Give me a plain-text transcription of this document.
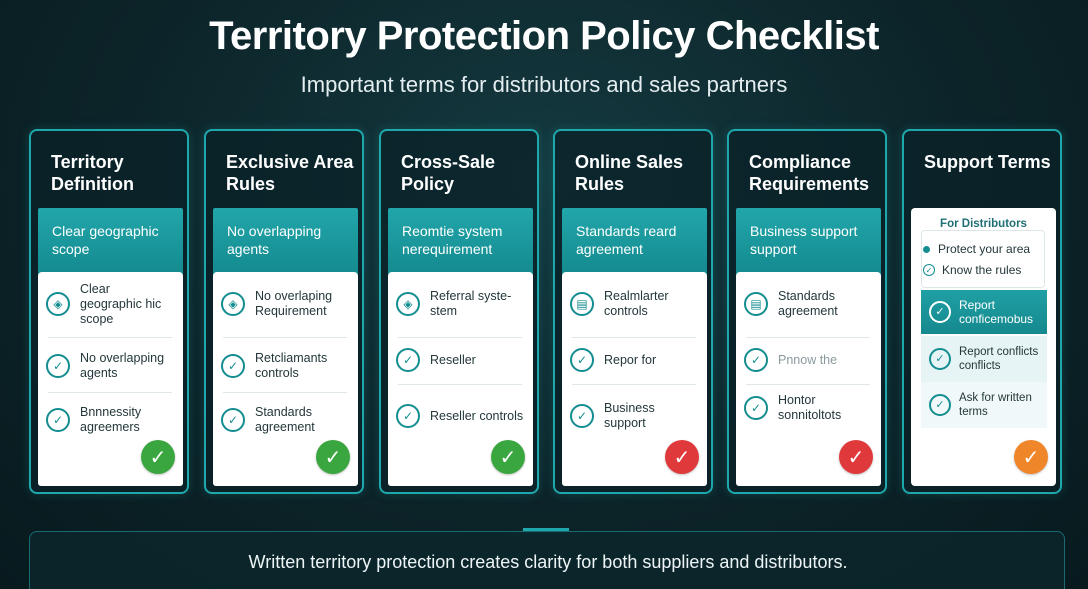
Territory Protection Policy Checklist
Important terms for distributors and sales partners
Territory Definition
Clear geographic scope
◈
Clear geographic hic scope
✓
No overlapping agents
✓
Bnnnessity agreemers
✓
Exclusive Area Rules
No overlapping agents
◈
No overlaping Requirement
✓
Retcliamants controls
✓
Standards agreement
✓
Cross-Sale Policy
Reomtie system nerequirement
◈
Referral syste-stem
✓	Reseller
✓	Reseller controls
✓
Online Sales Rules
Standards reard agreement
▤
Realmlarter controls
✓	Repor for
✓
Business support
✓
Compliance Requirements
Business support support
▤
Standards agreement
✓	Pnnow the
✓
Hontor sonnitoltots
✓
Support Terms
For Distributors
Protect your area
✓ Know the rules
✓	Report conficemobus
✓
Report conflicts conflicts
✓
Ask for written terms
✓
Written territory protection creates clarity for both suppliers and distributors.
